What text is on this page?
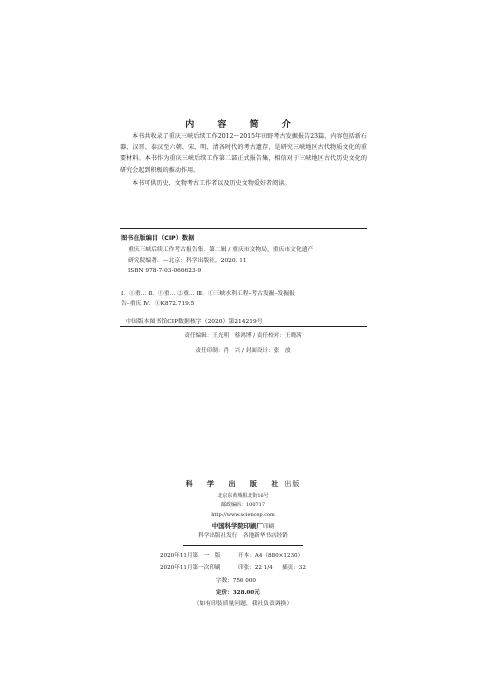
内 容 简 介

本书共收录了重庆三峡后续工作2012～2015年田野考古发掘报告23篇，内容包括新石器、汉晋、泰汉至六朝、宋、明、清各时代的考古遗存，是研究三峡地区古代物质文化的重要材料。本书作为重庆三峡后续工作第二部正式报告集，相信对于三峡地区古代历史文化的研究会起到积极的推动作用。

本书可供历史、文物考古工作者以及历史文物爱好者阅读。

图书在版编目（CIP）数据
重庆三峡后续工作考古报告集．第二辑 / 重庆市文物局，重庆市文化遗产
研究院编著．—北京：科学出版社，2020. 11
ISBN 978-7-03-066623-9
Ⅰ．①重… Ⅱ．①重… ②重… Ⅲ．①三峡水利工程–考古发掘–发掘报
告–重庆 Ⅳ．①K872.719.5
中国版本图书馆CIP数据核字（2020）第214219号
责任编辑：王光明　蔡鸿博 / 责任校对：王晓茜
责任印制：肖　兴 / 封面设计：张　放
科 学 出 版 社出版
北京东黄城根北街16号
邮政编码：100717
http://www.sciencep.com
中国科学院印刷厂印刷
科学出版社发行　各地新华书店经销
2020年11月第　一　版	开本：A4（880×1230）
2020年11月第一次印刷	印张：22 1/4 插页：32
字数：756 000
定价：328.00元
（如有印装质量问题，我社负责调换）
